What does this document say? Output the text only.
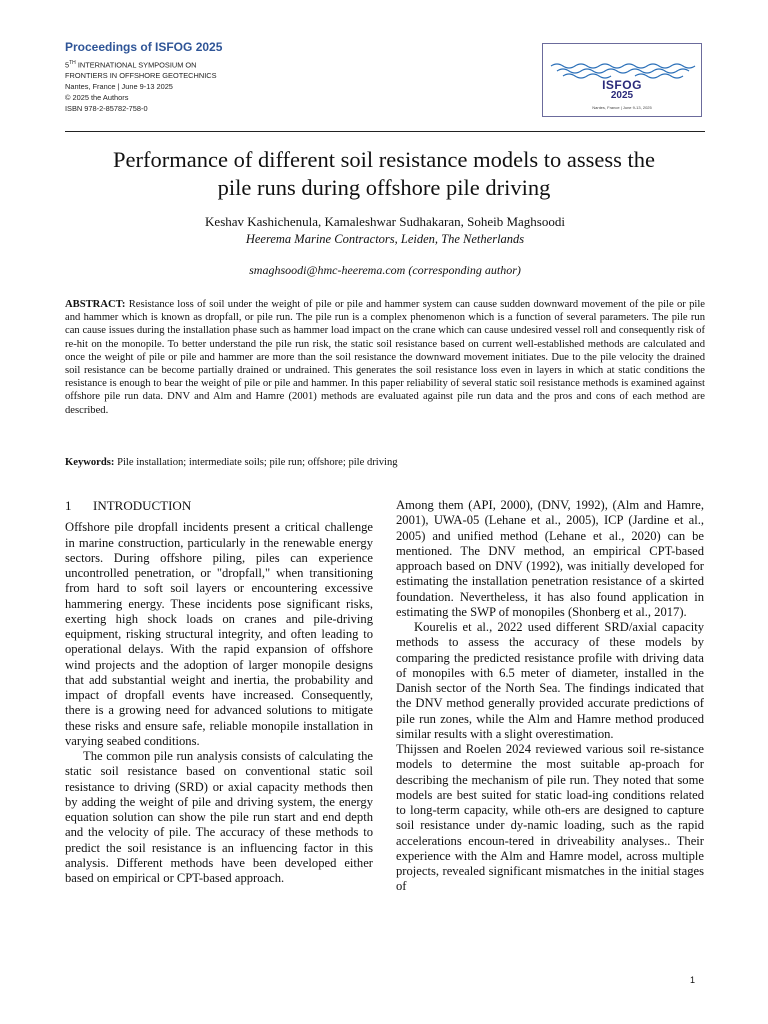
Proceedings of ISFOG 2025

5TH INTERNATIONAL SYMPOSIUM ON

FRONTIERS IN OFFSHORE GEOTECHNICS

Nantes, France | June 9-13 2025

© 2025 the Authors

ISBN 978-2-85782-758-0

ISFOG
2025
Nantes, France | June 9-13, 2025
Performance of different soil resistance models to assess the
pile runs during offshore pile driving

Keshav Kashichenula, Kamaleshwar Sudhakaran, Soheib Maghsoodi

Heerema Marine Contractors, Leiden, The Netherlands

smaghsoodi@hmc-heerema.com (corresponding author)

ABSTRACT: Resistance loss of soil under the weight of pile or pile and hammer system can cause sudden downward movement of the pile or pile and hammer which is known as dropfall, or pile run. The pile run is a complex phenomenon which is a function of several parameters. The pile run can cause issues during the installation phase such as hammer load impact on the crane which can cause undesired vessel roll and consequently risk of re-hit on the monopile. To better understand the pile run risk, the static soil resistance based on current well-established methods are calculated and once the weight of pile or pile and hammer are more than the soil resistance the downward movement initiates. Due to the pile velocity the drained soil resistance can be become partially drained or undrained. This generates the soil resistance loss even in layers in which at static conditions the resistance is enough to bear the weight of pile or pile and hammer. In this paper reliability of several static soil resistance methods is examined against offshore pile run data. DNV and Alm and Hamre (2001) methods are evaluated against pile run data and the pros and cons of each method are described.

Keywords: Pile installation; intermediate soils; pile run; offshore; pile driving

1	INTRODUCTION

Offshore pile dropfall incidents present a critical challenge in marine construction, particularly in the renewable energy sectors. During offshore piling, piles can experience uncontrolled penetration, or "dropfall," when transitioning from hard to soft soil layers or encountering excessive hammering energy. These incidents pose significant risks, exerting high shock loads on cranes and pile-driving equipment, risking structural integrity, and often leading to operational delays. With the rapid expansion of offshore wind projects and the adoption of larger monopile designs that add substantial weight and inertia, the probability and impact of dropfall events have increased. Consequently, there is a growing need for advanced solutions to mitigate these risks and ensure safe, reliable monopile installation in varying seabed conditions.

The common pile run analysis consists of calculating the static soil resistance based on conventional static soil resistance to driving (SRD) or axial capacity methods then by adding the weight of pile and driving system, the energy equation solution can show the pile run start and end depth and the velocity of pile. The accuracy of these methods to predict the soil resistance is an influencing factor in this analysis. Different methods have been developed either based on empirical or CPT-based approach.

Among them (API, 2000), (DNV, 1992), (Alm and Hamre, 2001), UWA-05 (Lehane et al., 2005), ICP (Jardine et al., 2005) and unified method (Lehane et al., 2020) can be mentioned. The DNV method, an empirical CPT-based approach based on DNV (1992), was initially developed for estimating the installation penetration resistance of a skirted foundation. Nevertheless, it has also found application in estimating the SWP of monopiles (Shonberg et al., 2017).

Kourelis et al., 2022 used different SRD/axial capacity methods to assess the accuracy of these models by comparing the predicted resistance profile with driving data of monopiles with 6.5 meter of diameter, installed in the Danish sector of the North Sea. The findings indicated that the DNV method generally provided accurate predictions of pile run zones, while the Alm and Hamre method produced similar results with a slight overestimation.

Thijssen and Roelen 2024 reviewed various soil re-sistance models to determine the most suitable ap-proach for describing the mechanism of pile run. They noted that some models are best suited for static load-ing conditions related to long-term capacity, while oth-ers are designed to capture soil resistance under dy-namic loading, such as the rapid accelerations encoun-tered in driveability analyses.. Their experience with the Alm and Hamre model, across multiple projects, revealed significant mismatches in the initial stages of

1
